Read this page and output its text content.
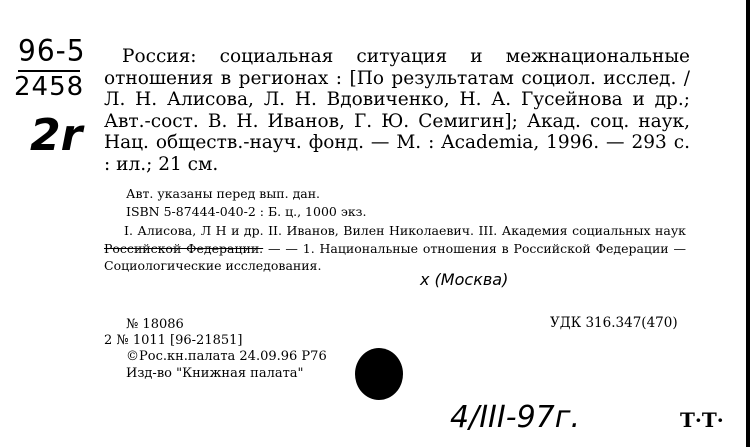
96-5
2458
2r
Россия: социальная ситуация и межнациональные отношения в регионах : [По результатам социол. исслед. / Л. Н. Алисова, Л. Н. Вдовиченко, Н. А. Гусейнова и др.; Авт.-сост. В. Н. Иванов, Г. Ю. Семигин]; Акад. соц. наук, Нац. обществ.-науч. фонд. — М. : Academia, 1996. — 293 с. : ил.; 21 см.
Авт. указаны перед вып. дан.
ISBN 5-87444-040-2 : Б. ц., 1000 экз.

I. Алисова, Л Н и др. II. Иванов, Вилен Николаевич. III. Академия социальных наук Российской Федерации. — — 1. Национальные отношения в Российской Федерации — Социологические исследования.

х (Москва)
№ 18086
2 № 1011 [96-21851]
©Рос.кн.палата 24.09.96 Р76
Изд-во "Книжная палата"
УДК 316.347(470)
4/III-97г.	Т·Т·
